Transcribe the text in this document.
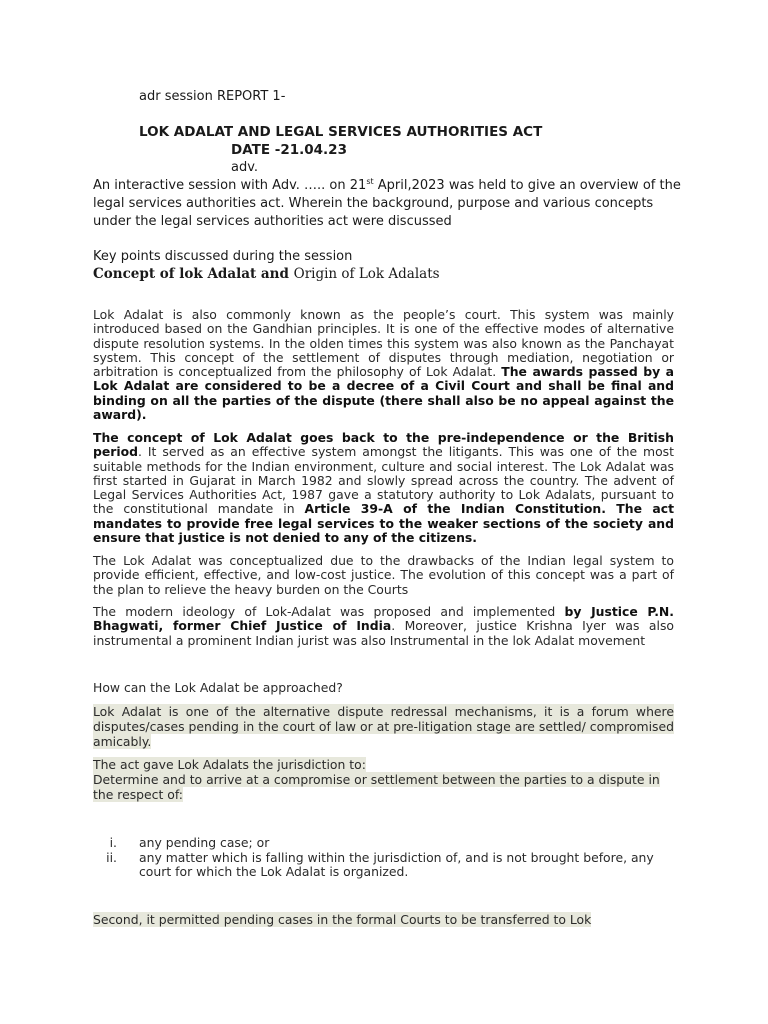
adr session REPORT 1-
LOK ADALAT AND LEGAL SERVICES AUTHORITIES ACT
DATE -21.04.23
adv.
An interactive session with Adv. ….. on 21st April,2023 was held to give an overview of the legal services authorities act. Wherein the background, purpose and various concepts under the legal services authorities act were discussed
Key points discussed during the session
Concept of lok Adalat and Origin of Lok Adalats
Lok Adalat is also commonly known as the people’s court. This system was mainly introduced based on the Gandhian principles. It is one of the effective modes of alternative dispute resolution systems. In the olden times this system was also known as the Panchayat system. This concept of the settlement of disputes through mediation, negotiation or arbitration is conceptualized from the philosophy of Lok Adalat. The awards passed by a Lok Adalat are considered to be a decree of a Civil Court and shall be final and binding on all the parties of the dispute (there shall also be no appeal against the award).
The concept of Lok Adalat goes back to the pre-independence or the British period. It served as an effective system amongst the litigants. This was one of the most suitable methods for the Indian environment, culture and social interest. The Lok Adalat was first started in Gujarat in March 1982 and slowly spread across the country. The advent of Legal Services Authorities Act, 1987 gave a statutory authority to Lok Adalats, pursuant to the constitutional mandate in Article 39-A of the Indian Constitution. The act mandates to provide free legal services to the weaker sections of the society and ensure that justice is not denied to any of the citizens.
The Lok Adalat was conceptualized due to the drawbacks of the Indian legal system to provide efficient, effective, and low-cost justice. The evolution of this concept was a part of the plan to relieve the heavy burden on the Courts
The modern ideology of Lok-Adalat was proposed and implemented by Justice P.N. Bhagwati, former Chief Justice of India. Moreover, justice Krishna Iyer was also instrumental a prominent Indian jurist was also Instrumental in the lok Adalat movement
How can the Lok Adalat be approached?
Lok Adalat is one of the alternative dispute redressal mechanisms, it is a forum where disputes/cases pending in the court of law or at pre-litigation stage are settled/ compromised amicably.
The act gave Lok Adalats the jurisdiction to:
Determine and to arrive at a compromise or settlement between the parties to a dispute in the respect of:
i.	any pending case; or
ii.	any matter which is falling within the jurisdiction of, and is not brought before, any court for which the Lok Adalat is organized.
Second, it permitted pending cases in the formal Courts to be transferred to Lok
